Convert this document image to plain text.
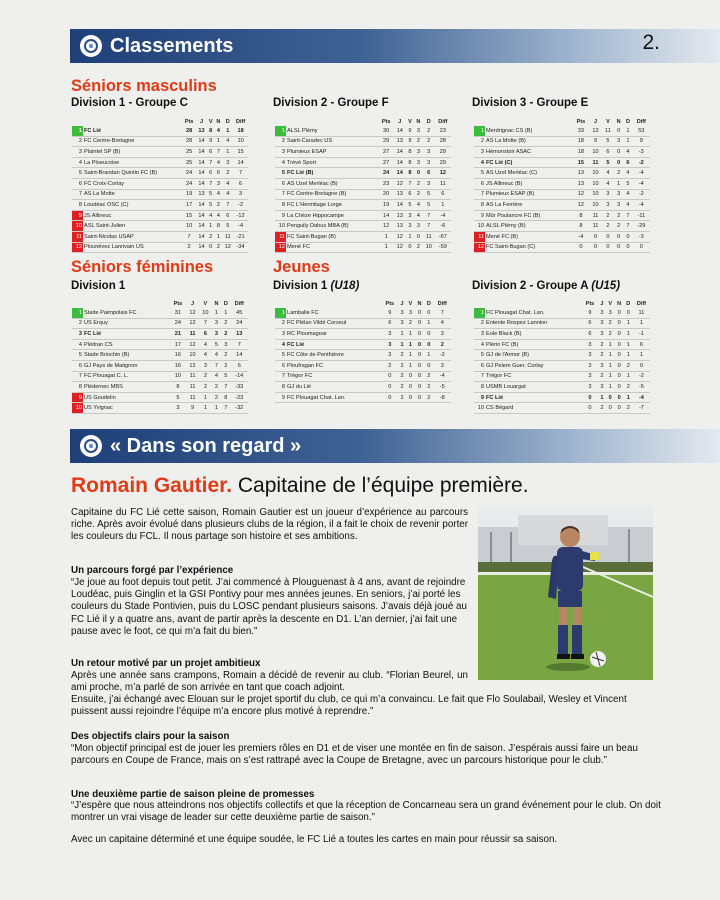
Classements	2.
Séniors masculins
Division 1 - Groupe C	Division 2 - Groupe F	Division 3 - Groupe E
		Pts	J	V	N	D	Diff
1	FC Lié	28	13	8	4	1	18
2	FC Centre-Bretagne	28	14	9	1	4	10
3	Plaintel SP (B)	25	14	6	7	1	15
4	La Ploeucoise	25	14	7	4	3	14
5	Saint-Brandan Quintin FC (B)	24	14	6	6	2	7
6	FC Croix-Corlay	24	14	7	3	4	6
7	AS La Motte	19	13	5	4	4	3
8	Loudéac OSC (C)	17	14	5	2	7	-2
9	JS Allineuc	15	14	4	4	6	-12
10	ASL Saint-Julien	10	14	1	8	5	-4
11	Saint-Nicolas USAP	7	14	2	1	11	-21
12	Plounévez Lanrivain US	2	14	0	2	12	-34
		Pts	J	V	N	D	Diff
1	ALSL Plémy	30	14	9	3	2	23
2	Saint-Caradec US	29	13	9	2	2	28
3	Plumieux ESAP	27	14	8	3	3	29
4	Trévé Sport	27	14	8	3	3	29
5	FC Lié (B)	24	14	8	0	6	12
6	AS Uzel Merléac (B)	23	12	7	2	3	11
7	FC Centre-Bretagne (B)	20	13	6	2	5	6
8	FC L'Hermitage Lorge	19	14	5	4	5	1
9	La Chèze Hippocampe	14	13	3	4	7	-4
10	Penguily Dahus MBA (B)	12	13	3	3	7	-6
11	FC Saint-Bugan (B)	1	12	1	0	11	-67
12	Mené FC	1	12	0	2	10	-59
		Pts	J	V	N	D	Diff
1	Merdrignac CS (B)	33	12	11	0	1	53
2	AS La Motte (B)	18	9	5	3	1	9
3	Hémonstoir ASAC	18	10	6	0	4	-3
4	FC Lié (C)	15	11	5	0	6	-2
5	AS Uzel Merléac (C)	13	10	4	2	4	-4
6	JS Allineuc (B)	13	10	4	1	5	-4
7	Plumieux ESAP (B)	12	10	3	3	4	-2
8	AS La Ferrière	12	10	3	3	4	-4
9	Mûr Poulancre FC (B)	8	11	2	2	7	-11
10	ALSL Plémy (B)	8	11	2	2	7	-29
11	Mené FC (B)	-4	0	0	0	0	-3
12	FC Saint-Bugan (C)	0	0	0	0	0	0
Séniors féminines	Jeunes
Division 1	Division 1 (U18)	Division 2 - Groupe A (U15)
		Pts	J	V	N	D	Diff
1	Stade Paimpolais FC	31	12	10	1	1	45
2	US Erquy	24	12	7	3	2	24
3	FC Lié	21	11	6	3	2	13
4	Plédran CS	17	12	4	5	3	7
5	Stade Briochin (B)	16	10	4	4	2	14
6	GJ Pays de Matignon	16	12	3	7	2	6
7	FC Plouagat C. L.	10	11	2	4	5	-14
8	Plédernec MBS	8	11	2	2	7	-33
9	US Goudelin	5	11	1	2	8	-23
10	US Yvignac	3	9	1	1	7	-32
		Pts	J	V	N	D	Diff
1	Lamballe FC	9	3	3	0	0	7
2	FC Plélan Vildé Corseul	6	3	2	0	1	4
3	RC Ploumagoar	3	1	1	0	0	3
4	FC Lié	3	1	1	0	0	2
5	FC Côte de Penthièvre	3	2	1	0	1	-2
6	Ploufragan FC	2	2	1	0	0	3
7	Trégor FC	0	2	0	0	2	-4
8	GJ du Lié	0	2	0	0	2	-5
9	FC Plouagat Chat. Lan.	0	2	0	0	2	-8
		Pts	J	V	N	D	Diff
1	FC Plouagat Chat. Lan.	9	3	3	0	0	11
2	Entente Rospez Lannion	6	3	2	0	1	1
3	Eole Black (B)	6	3	2	0	1	-1
4	Plérin FC (B)	3	2	1	0	1	6
5	GJ de l'Armor (B)	3	2	1	0	1	1
6	GJ Pelem Guer. Corlay	3	3	1	0	2	0
7	Trégor FC	3	2	1	0	1	-2
8	USMB Louargat	3	3	1	0	2	-5
9	FC Lié	0	1	0	0	1	-4
10	CS Bégard	0	2	0	0	2	-7
« Dans son regard »
Romain Gautier. Capitaine de l’équipe première.

Capitaine du FC Lié cette saison, Romain Gautier est un joueur d’expérience au parcours riche. Après avoir évolué dans plusieurs clubs de la région, il a fait le choix de revenir porter les couleurs du FCL. Il nous partage son histoire et ses ambitions.

Un parcours forgé par l’expérience

“Je joue au foot depuis tout petit. J’ai commencé à Plouguenast à 4 ans, avant de rejoindre Loudéac, puis Ginglin et la GSI Pontivy pour mes années jeunes. En seniors, j’ai porté les couleurs du Stade Pontivien, puis du LOSC pendant plusieurs saisons. J’avais déjà joué au FC Lié il y a quatre ans, avant de partir après la descente en D1. L’an dernier, j’ai fait une pause avec le foot, ce qui m’a fait du bien.”

Un retour motivé par un projet ambitieux

Après une année sans crampons, Romain a décidé de revenir au club. “Florian Beurel, un ami proche, m’a parlé de son arrivée en tant que coach adjoint.

Ensuite, j’ai échangé avec Elouan sur le projet sportif du club, ce qui m’a convaincu. Le fait que Flo Soulabail, Wesley et Vincent puissent aussi rejoindre l’équipe m’a encore plus motivé à reprendre.”

Des objectifs clairs pour la saison

“Mon objectif principal est de jouer les premiers rôles en D1 et de viser une montée en fin de saison. J’espérais aussi faire un beau parcours en Coupe de France, mais on s’est rattrapé avec la Coupe de Bretagne, avec un parcours historique pour le club.”

Une deuxième partie de saison pleine de promesses

“J’espère que nous atteindrons nos objectifs collectifs et que la réception de Concarneau sera un grand événement pour le club. On doit montrer un vrai visage de leader sur cette deuxième partie de saison.”

Avec un capitaine déterminé et une équipe soudée, le FC Lié a toutes les cartes en main pour réussir sa saison.
